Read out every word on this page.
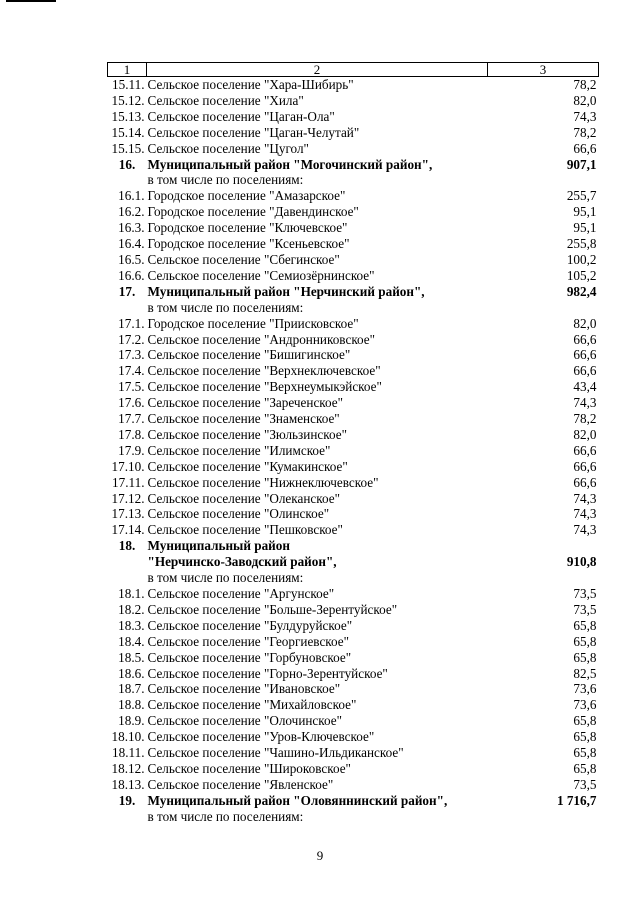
1	2	3
15.11.	Сельское поселение "Хара-Шибирь"	78,2
15.12.	Сельское поселение "Хила"	82,0
15.13.	Сельское поселение "Цаган-Ола"	74,3
15.14.	Сельское поселение "Цаган-Челутай"	78,2
15.15.	Сельское поселение "Цугол"	66,6
16.	Муниципальный район "Могочинский район",	907,1
	в том числе по поселениям:	
16.1.	Городское поселение "Амазарское"	255,7
16.2.	Городское поселение "Давендинское"	95,1
16.3.	Городское поселение "Ключевское"	95,1
16.4.	Городское поселение "Ксеньевское"	255,8
16.5.	Сельское поселение "Сбегинское"	100,2
16.6.	Сельское поселение "Семиозёрнинское"	105,2
17.	Муниципальный район "Нерчинский район",	982,4
	в том числе по поселениям:	
17.1.	Городское поселение "Приисковское"	82,0
17.2.	Сельское поселение "Андронниковское"	66,6
17.3.	Сельское поселение "Бишигинское"	66,6
17.4.	Сельское поселение "Верхнеключевское"	66,6
17.5.	Сельское поселение "Верхнеумыкэйское"	43,4
17.6.	Сельское поселение "Зареченское"	74,3
17.7.	Сельское поселение "Знаменское"	78,2
17.8.	Сельское поселение "Зюльзинское"	82,0
17.9.	Сельское поселение "Илимское"	66,6
17.10.	Сельское поселение "Кумакинское"	66,6
17.11.	Сельское поселение "Нижнеключевское"	66,6
17.12.	Сельское поселение "Олеканское"	74,3
17.13.	Сельское поселение "Олинское"	74,3
17.14.	Сельское поселение "Пешковское"	74,3
18.	Муниципальный район	
	"Нерчинско-Заводский район",	910,8
	в том числе по поселениям:	
18.1.	Сельское поселение "Аргунское"	73,5
18.2.	Сельское поселение "Больше-Зерентуйское"	73,5
18.3.	Сельское поселение "Булдуруйское"	65,8
18.4.	Сельское поселение "Георгиевское"	65,8
18.5.	Сельское поселение "Горбуновское"	65,8
18.6.	Сельское поселение "Горно-Зерентуйское"	82,5
18.7.	Сельское поселение "Ивановское"	73,6
18.8.	Сельское поселение "Михайловское"	73,6
18.9.	Сельское поселение "Олочинское"	65,8
18.10.	Сельское поселение "Уров-Ключевское"	65,8
18.11.	Сельское поселение "Чашино-Ильдиканское"	65,8
18.12.	Сельское поселение "Широковское"	65,8
18.13.	Сельское поселение "Явленское"	73,5
19.	Муниципальный район "Оловяннинский район",	1 716,7
	в том числе по поселениям:	
9
